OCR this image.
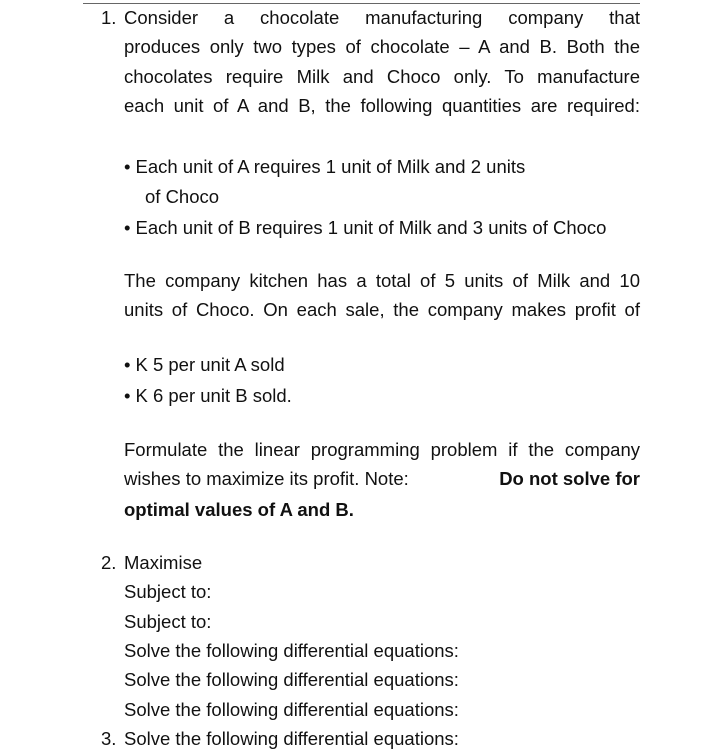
1. Consider a chocolate manufacturing company that
produces only two types of chocolate – A and B. Both the
chocolates require Milk and Choco only. To manufacture
each unit of A and B, the following quantities are required:
• Each unit of A requires 1 unit of Milk and 2 units
of Choco
• Each unit of B requires 1 unit of Milk and 3 units of Choco
The company kitchen has a total of 5 units of Milk and 10
units of Choco. On each sale, the company makes profit of
• K 5 per unit A sold
• K 6 per unit B sold.
Formulate the linear programming problem if the company
wishes to maximize its profit. Note:	Do not solve for
optimal values of A and B.
2. Maximise
Subject to:
Subject to:
Solve the following differential equations:
Solve the following differential equations:
Solve the following differential equations:
3. Solve the following differential equations:
